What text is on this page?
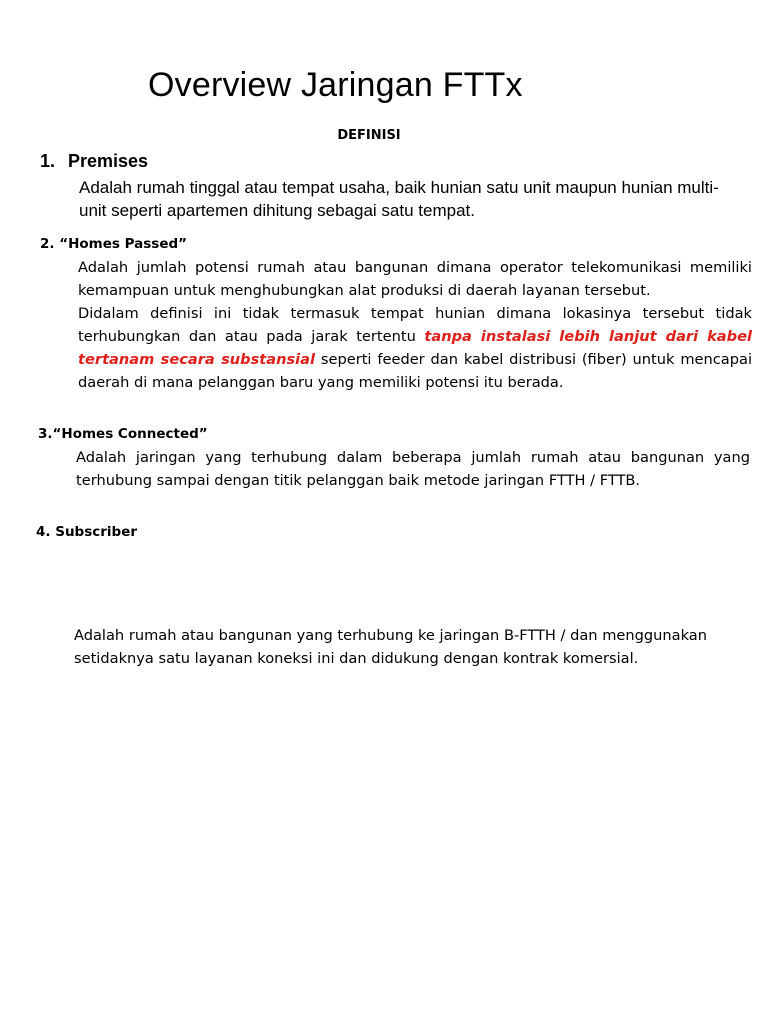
Overview Jaringan FTTx
DEFINISI
1. Premises
Adalah rumah tinggal atau tempat usaha, baik hunian satu unit maupun hunian multi-unit seperti apartemen dihitung sebagai satu tempat.
2. “Homes Passed”

Adalah jumlah potensi rumah atau bangunan dimana operator telekomunikasi memiliki kemampuan untuk menghubungkan alat produksi di daerah layanan tersebut.

Didalam definisi ini tidak termasuk tempat hunian dimana lokasinya tersebut tidak terhubungkan dan atau pada jarak tertentu tanpa instalasi lebih lanjut dari kabel tertanam secara substansial seperti feeder dan kabel distribusi (fiber) untuk mencapai daerah di mana pelanggan baru yang memiliki potensi itu berada.

3.“Homes Connected”
Adalah jaringan yang terhubung dalam beberapa jumlah rumah atau bangunan yang terhubung sampai dengan titik pelanggan baik metode jaringan FTTH / FTTB.
4. Subscriber
Adalah rumah atau bangunan yang terhubung ke jaringan B-FTTH / dan menggunakan setidaknya satu layanan koneksi ini dan didukung dengan kontrak komersial.
